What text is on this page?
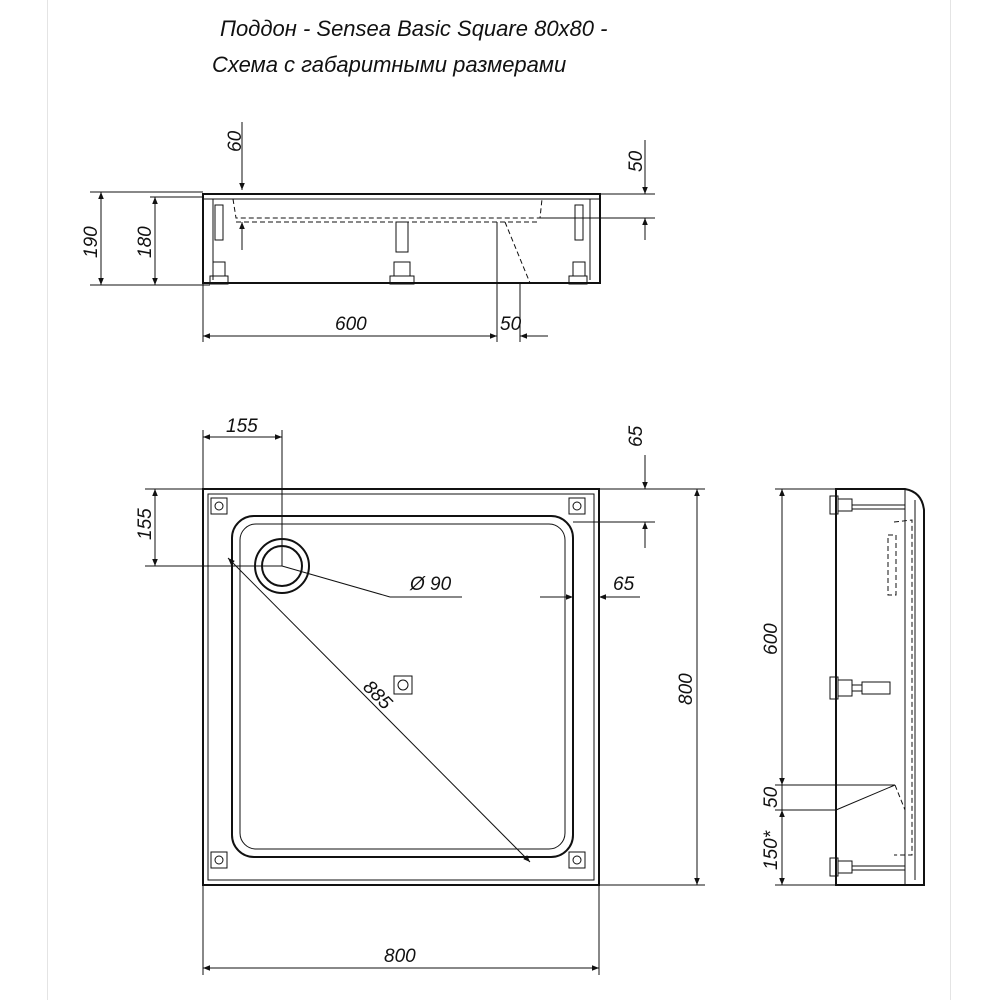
Поддон - Sensea Basic Square 80x80 -
Схема с габаритными размерами
60
50
190 180
600	50
155	65
155
Ø 90	65
885	800
800
600
50
150*
